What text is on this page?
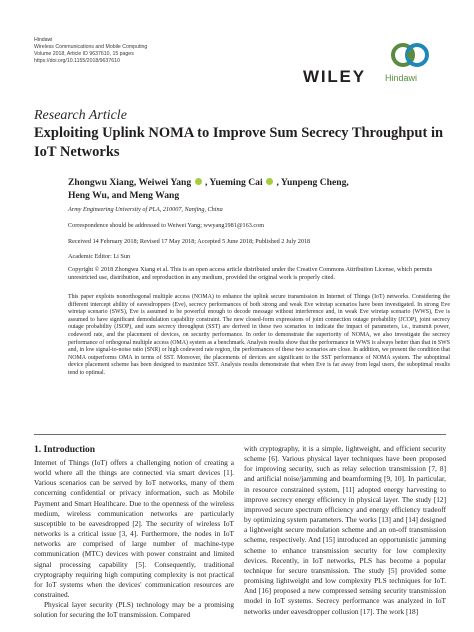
Hindawi
Wireless Communications and Mobile Computing
Volume 2018, Article ID 9637610, 15 pages
https://doi.org/10.1155/2018/9637610
WILEY Hindawi
Research Article
Exploiting Uplink NOMA to Improve Sum Secrecy Throughput in IoT Networks
Zhongwu Xiang, Weiwei Yang , Yueming Cai , Yunpeng Cheng,
Heng Wu, and Meng Wang
Army Engineering University of PLA, 210007, Nanjing, China
Correspondence should be addressed to Weiwei Yang; wwyang1981@163.com
Received 14 February 2018; Revised 17 May 2018; Accepted 5 June 2018; Published 2 July 2018
Academic Editor: Li Sun
Copyright © 2018 Zhongwu Xiang et al. This is an open access article distributed under the Creative Commons Attribution License, which permits unrestricted use, distribution, and reproduction in any medium, provided the original work is properly cited.
This paper exploits nonorthogonal multiple access (NOMA) to enhance the uplink secure transmission in Internet of Things (IoT) networks. Considering the different intercept ability of eavesdroppers (Eve), secrecy performances of both strong and weak Eve wiretap scenarios have been investigated. In strong Eve wiretap scenario (SWS), Eve is assumed to be powerful enough to decode message without interference and, in weak Eve wiretap scenario (WWS), Eve is assumed to have significant demodulation capability constraint. The new closed-form expressions of joint connection outage probability (JCOP), joint secrecy outage probability (JSOP), and sum secrecy throughput (SST) are derived in these two scenarios to indicate the impact of parameters, i.e., transmit power, codeword rate, and the placement of devices, on security performance. In order to demonstrate the superiority of NOMA, we also investigate the secrecy performance of orthogonal multiple access (OMA) system as a benchmark. Analysis results show that the performance in WWS is always better than that in SWS and, in low signal-to-noise ratio (SNR) or high codeword rate region, the performances of these two scenarios are close. In addition, we present the condition that NOMA outperforms OMA in terms of SST. Moreover, the placements of devices are significant to the SST performance of NOMA system. The suboptimal device placement scheme has been designed to maximize SST. Analysis results demonstrate that when Eve is far away from legal users, the suboptimal results tend to optimal.
1. Introduction

Internet of Things (IoT) offers a challenging notion of creating a world where all the things are connected via smart devices [1]. Various scenarios can be served by IoT networks, many of them concerning confidential or privacy information, such as Mobile Payment and Smart Healthcare. Due to the openness of the wireless medium, wireless communication networks are particularly susceptible to be eavesdropped [2]. The security of wireless IoT networks is a critical issue [3, 4]. Furthermore, the nodes in IoT networks are comprised of large number of machine-type communication (MTC) devices with power constraint and limited signal processing capability [5]. Consequently, traditional cryptography requiring high computing complexity is not practical for IoT systems when the devices' communication resources are constrained.

Physical layer security (PLS) technology may be a promising solution for securing the IoT transmission. Compared

with cryptography, it is a simple, lightweight, and efficient security scheme [6]. Various physical layer techniques have been proposed for improving security, such as relay selection transmission [7, 8] and artificial noise/jamming and beamforming [9, 10]. In particular, in resource constrained system, [11] adopted energy harvesting to improve secrecy energy efficiency in physical layer. The study [12] improved secure spectrum efficiency and energy efficiency tradeoff by optimizing system parameters. The works [13] and [14] designed a lightweight secure modulation scheme and an on-off transmission scheme, respectively. And [15] introduced an opportunistic jamming scheme to enhance transmission security for low complexity devices. Recently, in IoT networks, PLS has become a popular technique for secure transmission. The study [5] provided some promising lightweight and low complexity PLS techniques for IoT. And [16] proposed a new compressed sensing security transmission model in IoT systems. Secrecy performance was analyzed in IoT networks under eavesdropper collusion [17]. The work [18]
